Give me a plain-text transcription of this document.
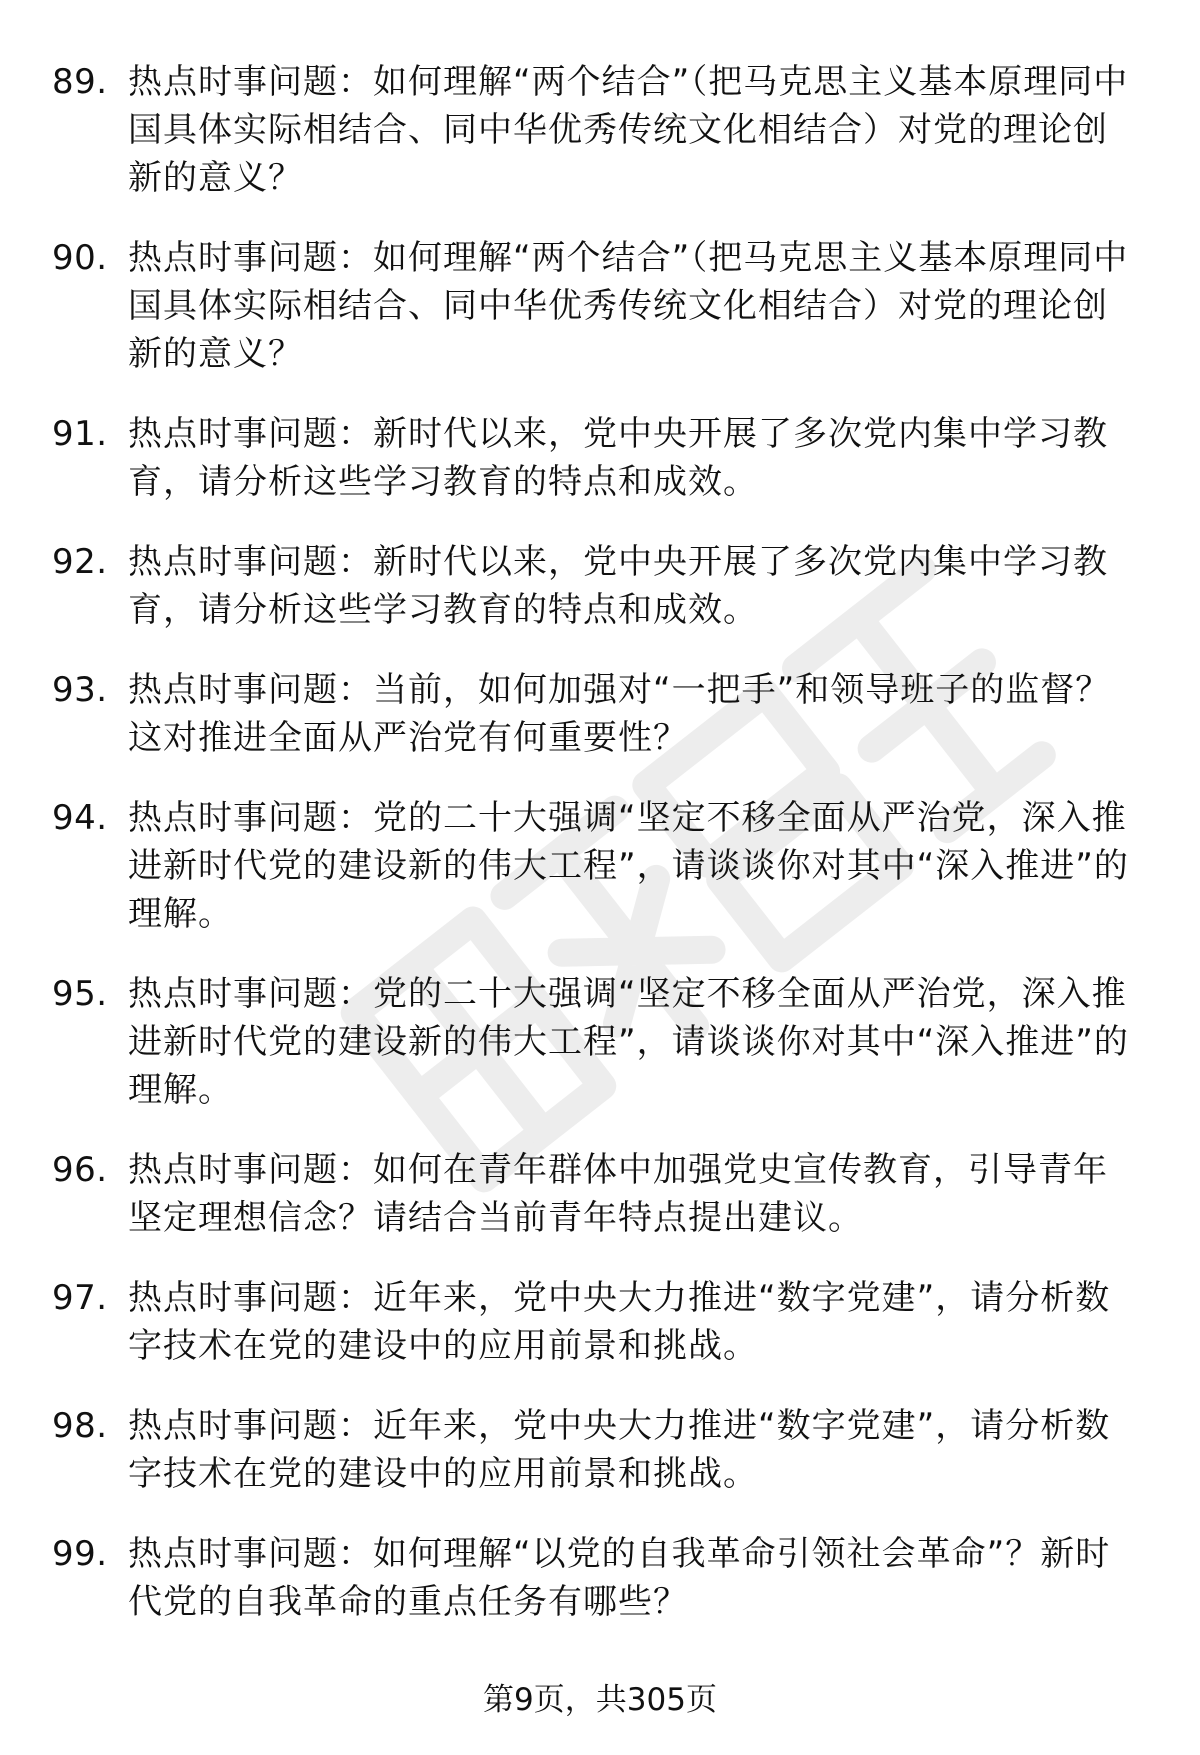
89. 热点时事问题：如何理解“两个结合”（把马克思主义基本原理同中国具体实际相结合、同中华优秀传统文化相结合）对党的理论创新的意义？
90. 热点时事问题：如何理解“两个结合”（把马克思主义基本原理同中国具体实际相结合、同中华优秀传统文化相结合）对党的理论创新的意义？
91. 热点时事问题：新时代以来，党中央开展了多次党内集中学习教育，请分析这些学习教育的特点和成效。
92. 热点时事问题：新时代以来，党中央开展了多次党内集中学习教育，请分析这些学习教育的特点和成效。
93. 热点时事问题：当前，如何加强对“一把手”和领导班子的监督？这对推进全面从严治党有何重要性？
94. 热点时事问题：党的二十大强调“坚定不移全面从严治党，深入推进新时代党的建设新的伟大工程”，请谈谈你对其中“深入推进”的理解。
95. 热点时事问题：党的二十大强调“坚定不移全面从严治党，深入推进新时代党的建设新的伟大工程”，请谈谈你对其中“深入推进”的理解。
96. 热点时事问题：如何在青年群体中加强党史宣传教育，引导青年坚定理想信念？请结合当前青年特点提出建议。
97. 热点时事问题：近年来，党中央大力推进“数字党建”，请分析数字技术在党的建设中的应用前景和挑战。
98. 热点时事问题：近年来，党中央大力推进“数字党建”，请分析数字技术在党的建设中的应用前景和挑战。
99. 热点时事问题：如何理解“以党的自我革命引领社会革命”？新时代党的自我革命的重点任务有哪些？
第9页，共305页
